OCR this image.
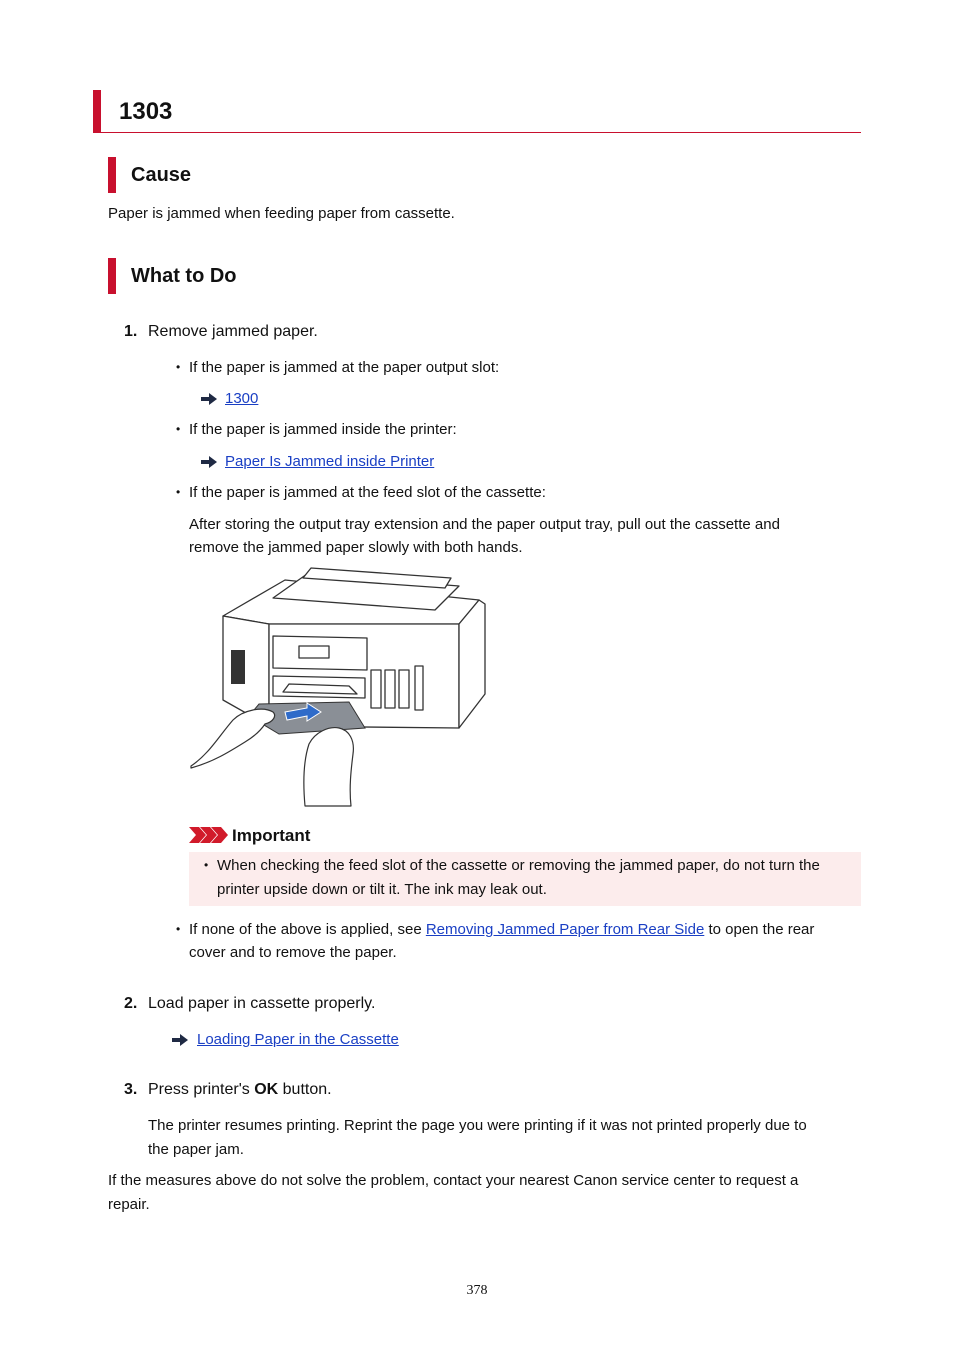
1303
Cause
Paper is jammed when feeding paper from cassette.
What to Do
1. Remove jammed paper.
• If the paper is jammed at the paper output slot:
1300
• If the paper is jammed inside the printer:
Paper Is Jammed inside Printer
• If the paper is jammed at the feed slot of the cassette:
After storing the output tray extension and the paper output tray, pull out the cassette and
remove the jammed paper slowly with both hands.
Important
• When checking the feed slot of the cassette or removing the jammed paper, do not turn the
printer upside down or tilt it. The ink may leak out.
• If none of the above is applied, see Removing Jammed Paper from Rear Side to open the rear
cover and to remove the paper.
2. Load paper in cassette properly.
Loading Paper in the Cassette
3. Press printer's OK button.
The printer resumes printing. Reprint the page you were printing if it was not printed properly due to
the paper jam.
If the measures above do not solve the problem, contact your nearest Canon service center to request a
repair.
378
